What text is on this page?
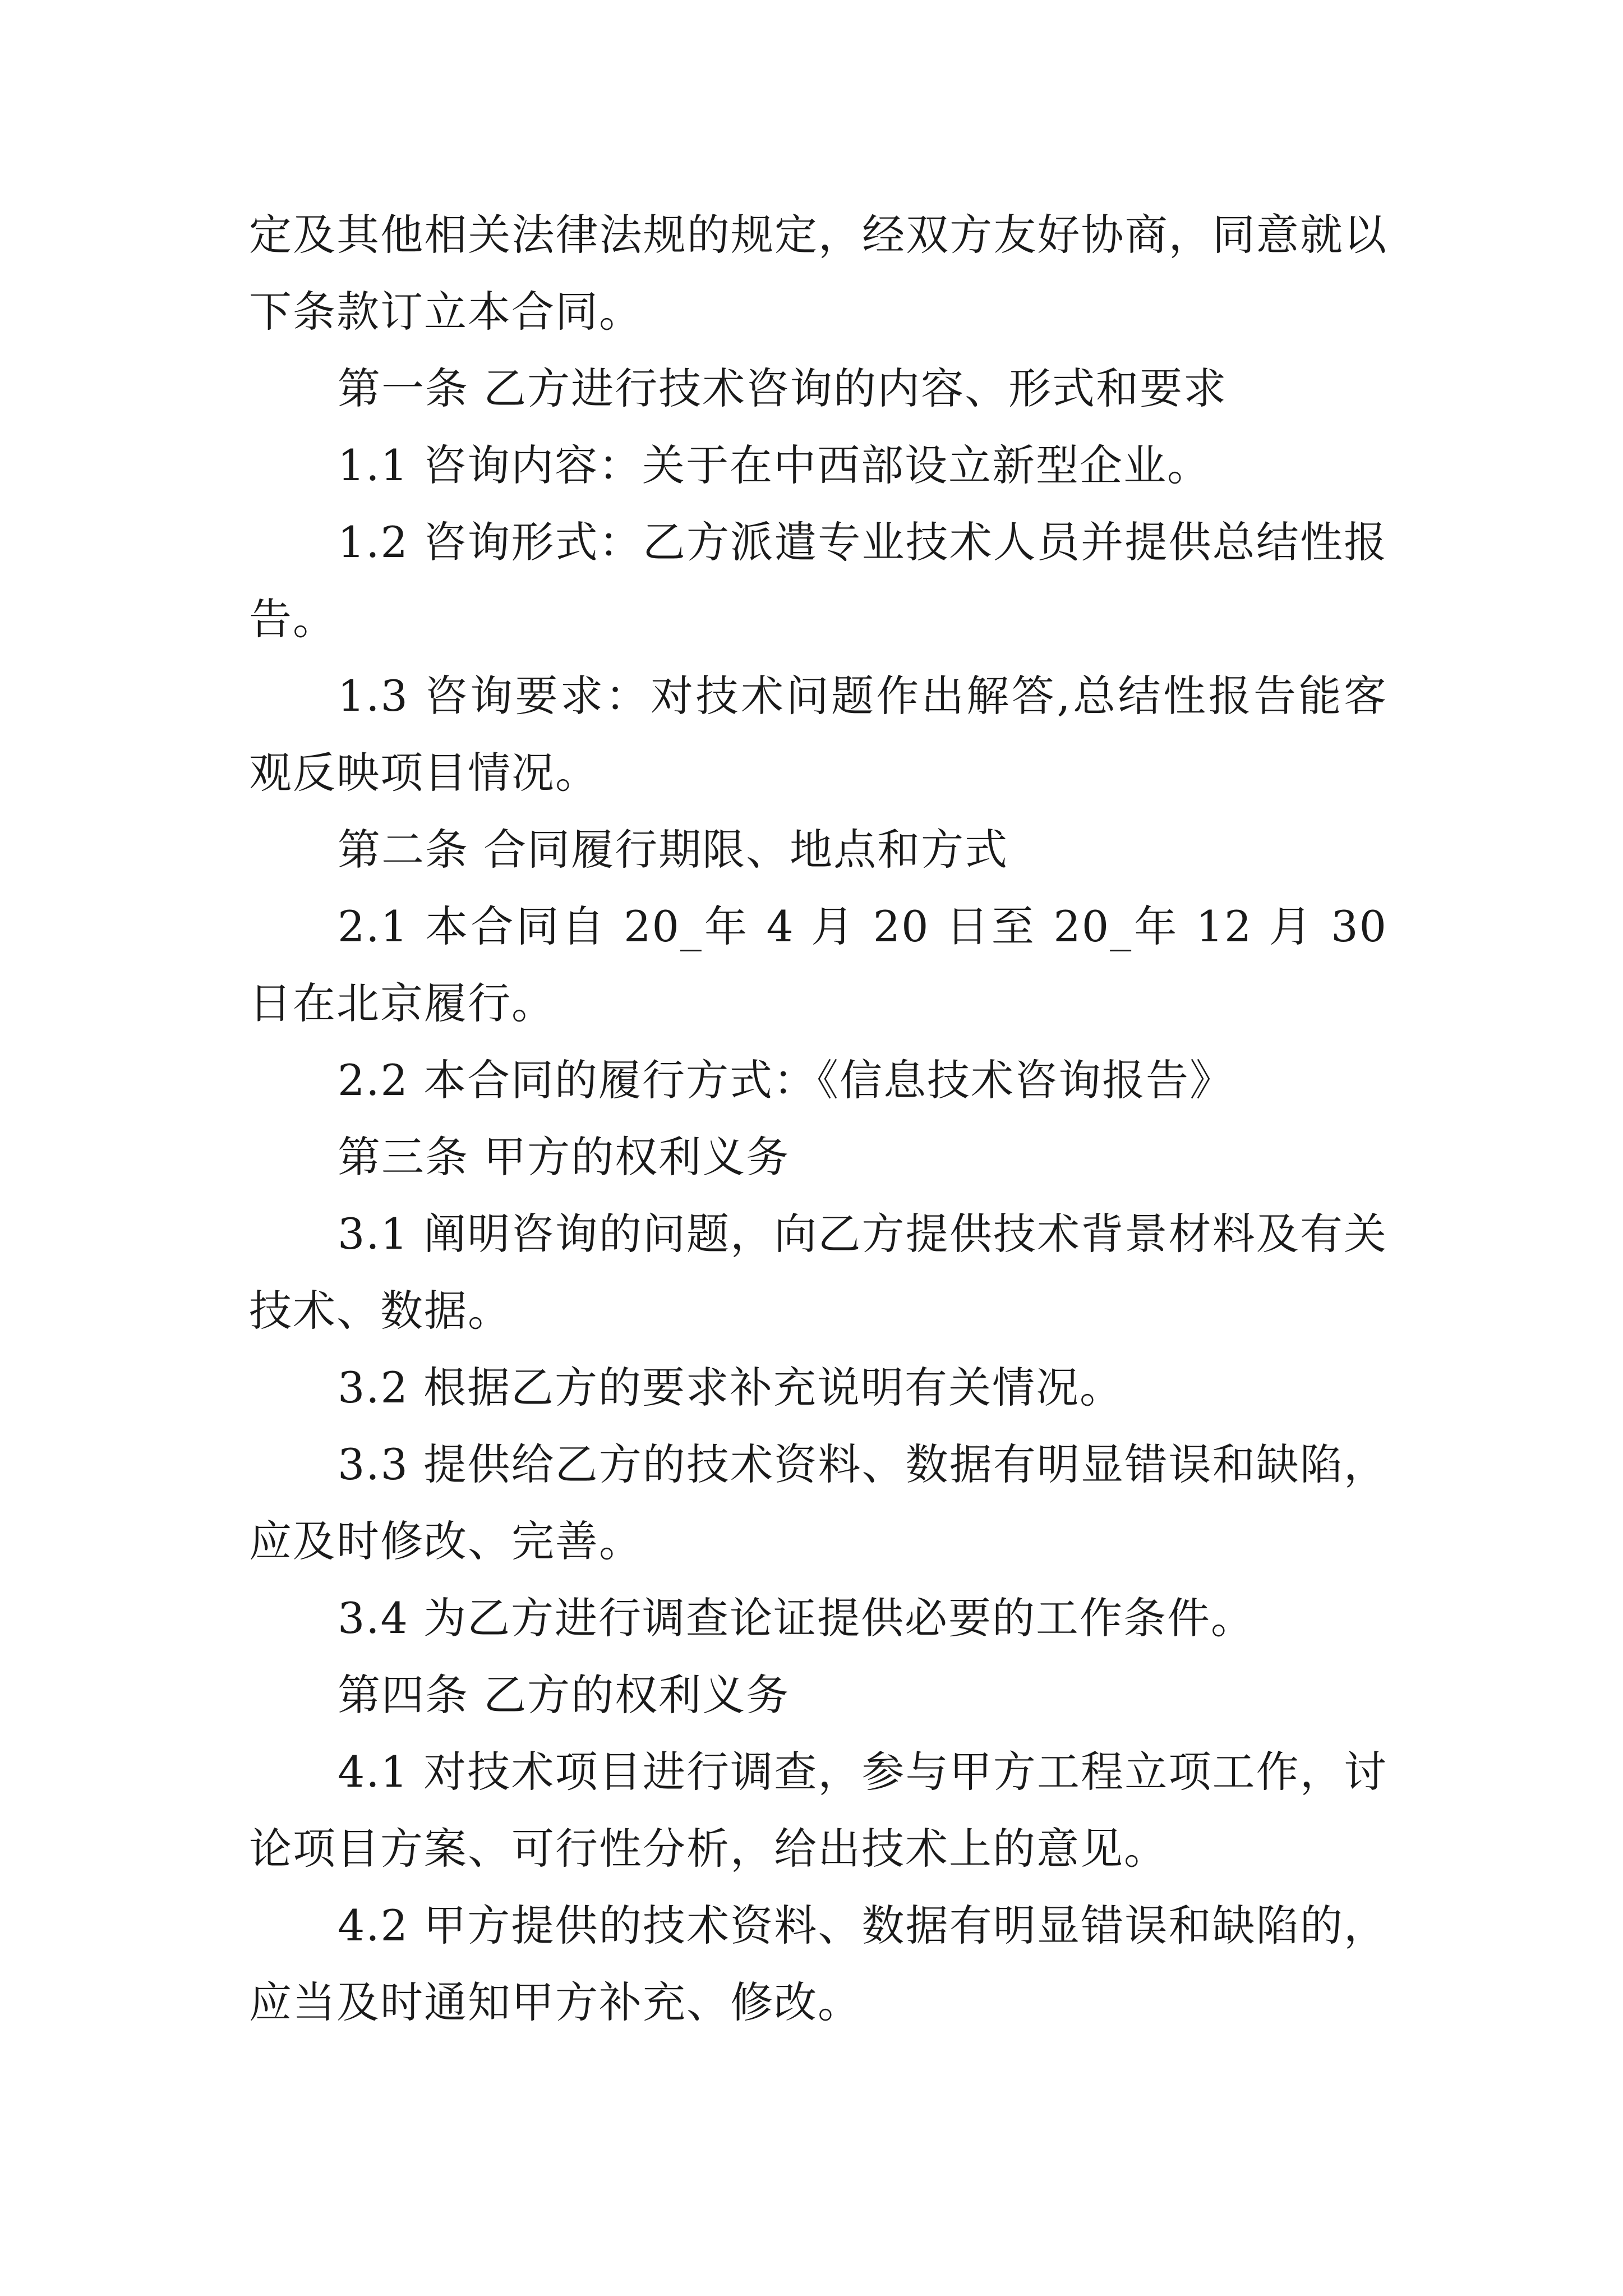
定及其他相关法律法规的规定，经双方友好协商，同意就以下条款订立本合同。

第一条 乙方进行技术咨询的内容、形式和要求

1.1 咨询内容：关于在中西部设立新型企业。

1.2 咨询形式：乙方派遣专业技术人员并提供总结性报告。

1.3 咨询要求：对技术问题作出解答,总结性报告能客观反映项目情况。

第二条 合同履行期限、地点和方式

2.1 本合同自 20_年 4 月 20 日至 20_年 12 月 30 日在北京履行。

2.2 本合同的履行方式：《信息技术咨询报告》

第三条 甲方的权利义务

3.1 阐明咨询的问题，向乙方提供技术背景材料及有关技术、数据。

3.2 根据乙方的要求补充说明有关情况。

3.3 提供给乙方的技术资料、数据有明显错误和缺陷，应及时修改、完善。

3.4 为乙方进行调查论证提供必要的工作条件。

第四条 乙方的权利义务

4.1 对技术项目进行调查，参与甲方工程立项工作，讨论项目方案、可行性分析，给出技术上的意见。

4.2 甲方提供的技术资料、数据有明显错误和缺陷的，应当及时通知甲方补充、修改。
